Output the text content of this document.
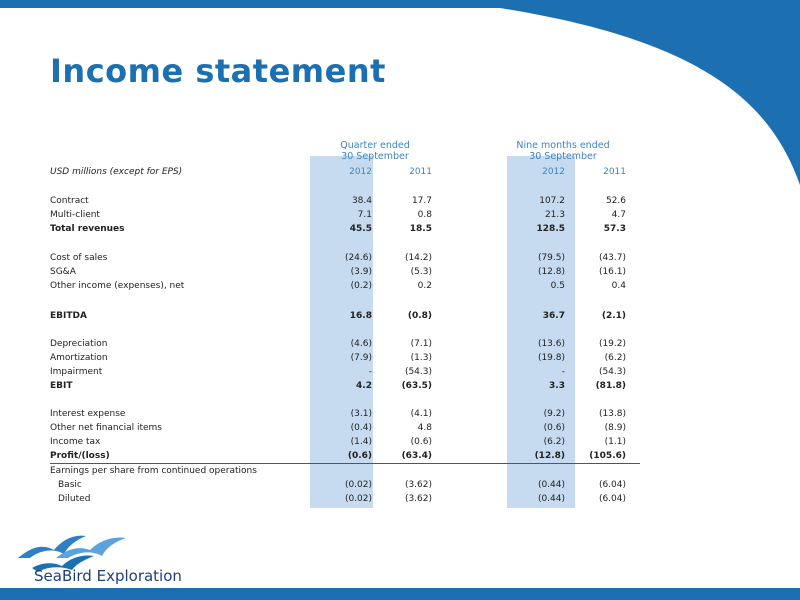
Income statement
Quarter ended
30 September
Nine months ended
30 September
USD millions (except for EPS)	2012	2011	2012	2011
Contract	38.4	17.7	107.2	52.6
Multi-client	7.1	0.8	21.3	4.7
Total revenues	45.5	18.5	128.5	57.3
Cost of sales	(24.6)	(14.2)	(79.5)	(43.7)
SG&A	(3.9)	(5.3)	(12.8)	(16.1)
Other income (expenses), net	(0.2)	0.2	0.5	0.4
EBITDA	16.8	(0.8)	36.7	(2.1)
Depreciation	(4.6)	(7.1)	(13.6)	(19.2)
Amortization	(7.9)	(1.3)	(19.8)	(6.2)
Impairment	-	(54.3)	-	(54.3)
EBIT	4.2	(63.5)	3.3	(81.8)
Interest expense	(3.1)	(4.1)	(9.2)	(13.8)
Other net financial items	(0.4)	4.8	(0.6)	(8.9)
Income tax	(1.4)	(0.6)	(6.2)	(1.1)
Profit/(loss)	(0.6)	(63.4)	(12.8)	(105.6)
Earnings per share from continued operations
Basic	(0.02)	(3.62)	(0.44)	(6.04)
Diluted	(0.02)	(3.62)	(0.44)	(6.04)
SeaBird Exploration
